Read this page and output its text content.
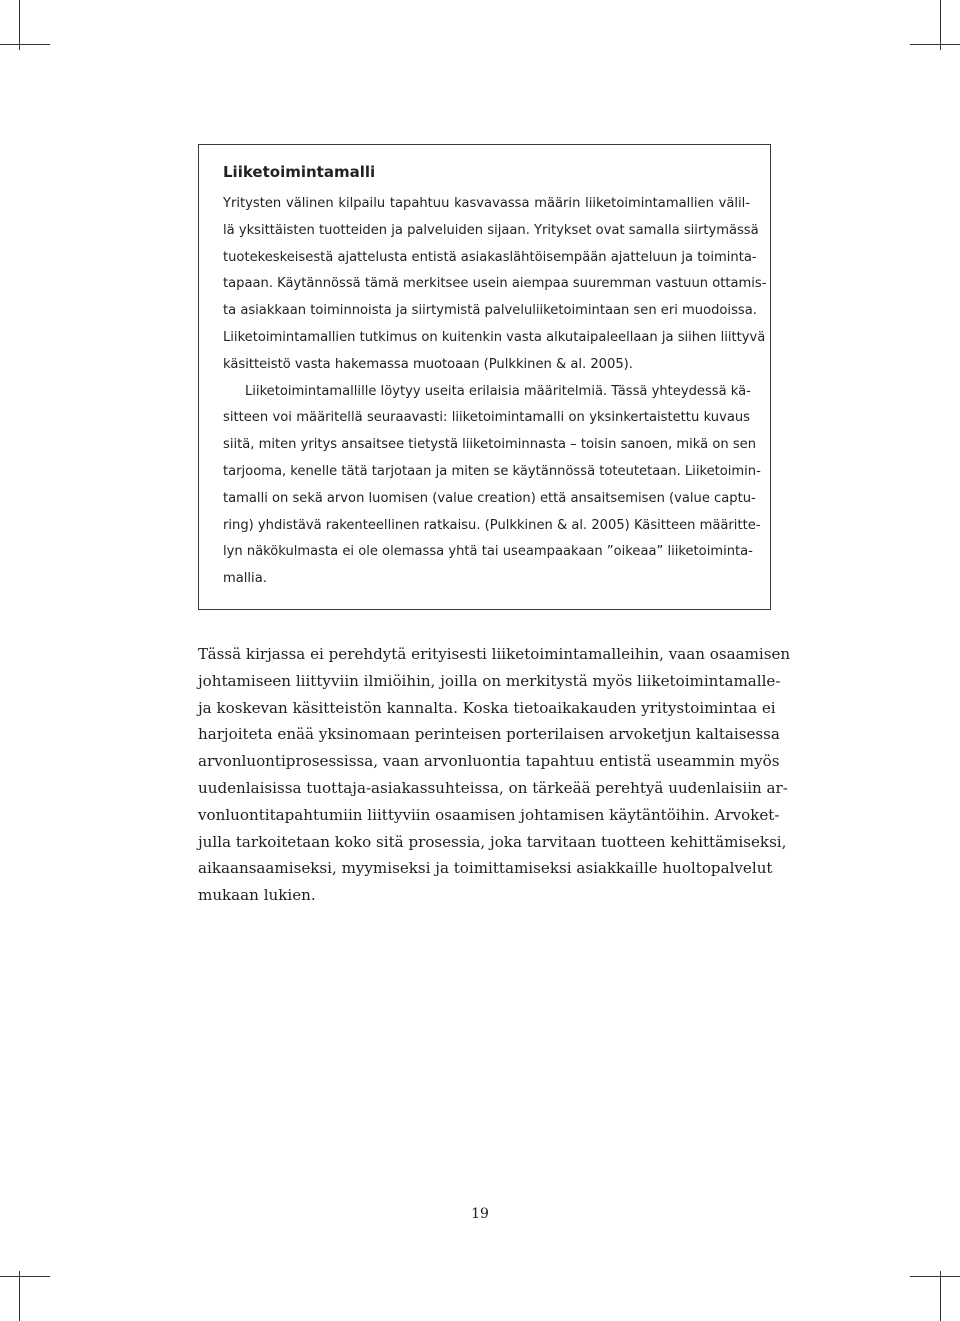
Liiketoimintamalli
Yritysten välinen kilpailu tapahtuu kasvavassa määrin liiketoimintamallien välil-
lä yksittäisten tuotteiden ja palveluiden sijaan. Yritykset ovat samalla siirtymässä
tuotekeskeisestä ajattelusta entistä asiakaslähtöisempään ajatteluun ja toiminta-
tapaan. Käytännössä tämä merkitsee usein aiempaa suuremman vastuun ottamis-
ta asiakkaan toiminnoista ja siirtymistä palveluliiketoimintaan sen eri muodoissa.
Liiketoimintamallien tutkimus on kuitenkin vasta alkutaipaleellaan ja siihen liittyvä
käsitteistö vasta hakemassa muotoaan (Pulkkinen & al. 2005).
Liiketoimintamallille löytyy useita erilaisia määritelmiä. Tässä yhteydessä kä-
sitteen voi määritellä seuraavasti: liiketoimintamalli on yksinkertaistettu kuvaus
siitä, miten yritys ansaitsee tietystä liiketoiminnasta – toisin sanoen, mikä on sen
tarjooma, kenelle tätä tarjotaan ja miten se käytännössä toteutetaan. Liiketoimin-
tamalli on sekä arvon luomisen (value creation) että ansaitsemisen (value captu-
ring) yhdistävä rakenteellinen ratkaisu. (Pulkkinen & al. 2005) Käsitteen määritte-
lyn näkökulmasta ei ole olemassa yhtä tai useampaakaan ”oikeaa” liiketoiminta-
mallia.
Tässä kirjassa ei perehdytä erityisesti liiketoimintamalleihin, vaan osaamisen
johtamiseen liittyviin ilmiöihin, joilla on merkitystä myös liiketoimintamalle-
ja koskevan käsitteistön kannalta. Koska tietoaikakauden yritystoimintaa ei
harjoiteta enää yksinomaan perinteisen porterilaisen arvoketjun kaltaisessa
arvonluontiprosessissa, vaan arvonluontia tapahtuu entistä useammin myös
uudenlaisissa tuottaja-asiakassuhteissa, on tärkeää perehtyä uudenlaisiin ar-
vonluontitapahtumiin liittyviin osaamisen johtamisen käytäntöihin. Arvoket-
julla tarkoitetaan koko sitä prosessia, joka tarvitaan tuotteen kehittämiseksi,
aikaansaamiseksi, myymiseksi ja toimittamiseksi asiakkaille huoltopalvelut
mukaan lukien.
19
